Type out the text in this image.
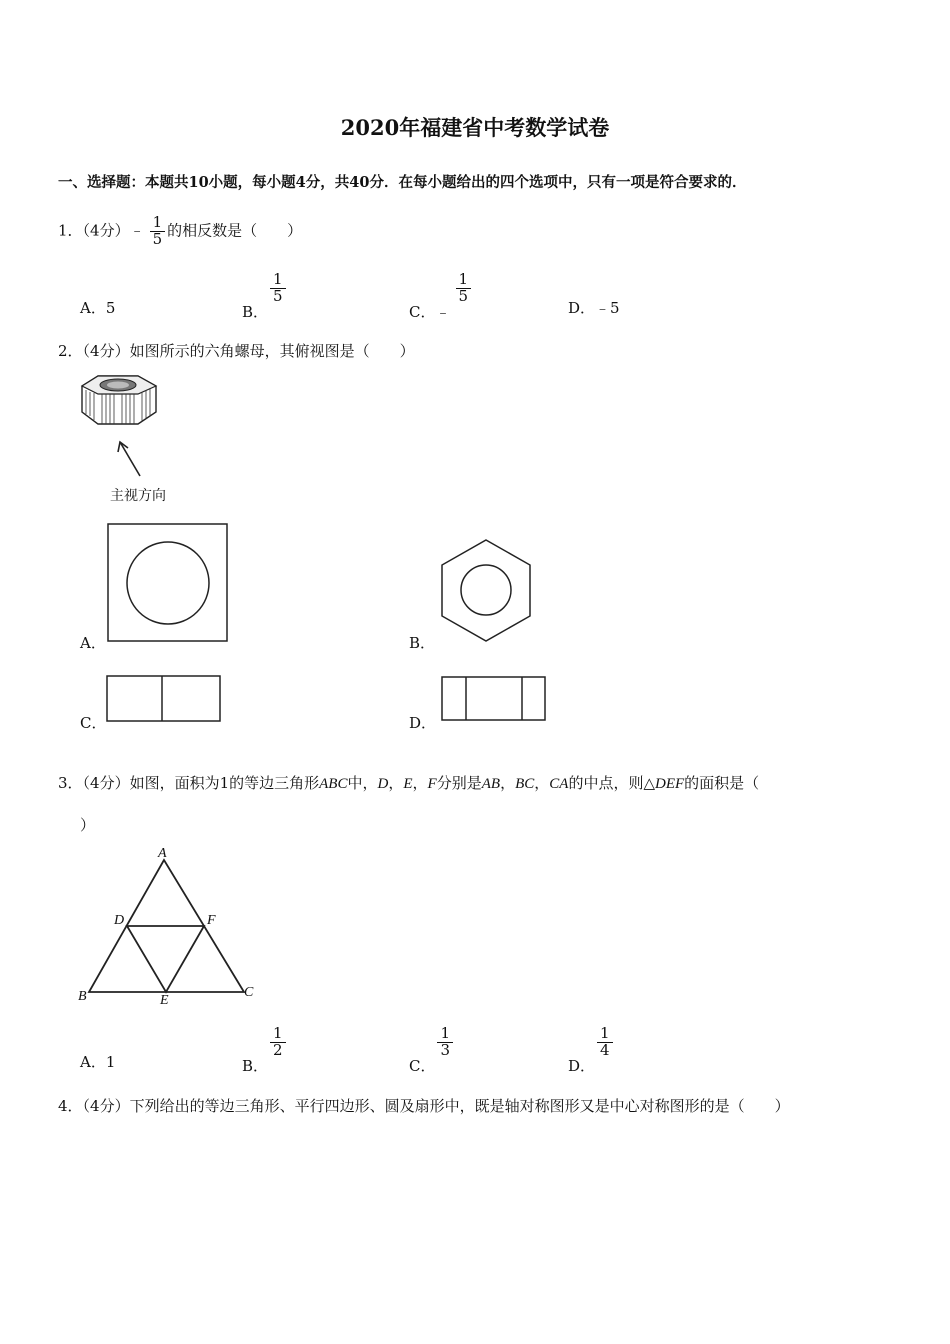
2020年福建省中考数学试卷
一、选择题：本题共10小题，每小题4分，共40分．在每小题给出的四个选项中，只有一项是符合要求的．
1．（4分）﹣ $\frac{1}{5}$ 的相反数是（　　）
A．5	B．
$\frac{1}{5}$
C．﹣
$\frac{1}{5}$
D．﹣5
2．（4分）如图所示的六角螺母，其俯视图是（　　）
主视方向
A．	B．
C．	D．
3．（4分）如图，面积为1的等边三角形ABC中，D，E，F分别是AB，BC，CA的中点，则△DEF的面积是（
）
A
B	C
D
E
F
A．1	B．
$\frac{1}{2}$
C．
$\frac{1}{3}$
D．
$\frac{1}{4}$
4．（4分）下列给出的等边三角形、平行四边形、圆及扇形中，既是轴对称图形又是中心对称图形的是（　　）
